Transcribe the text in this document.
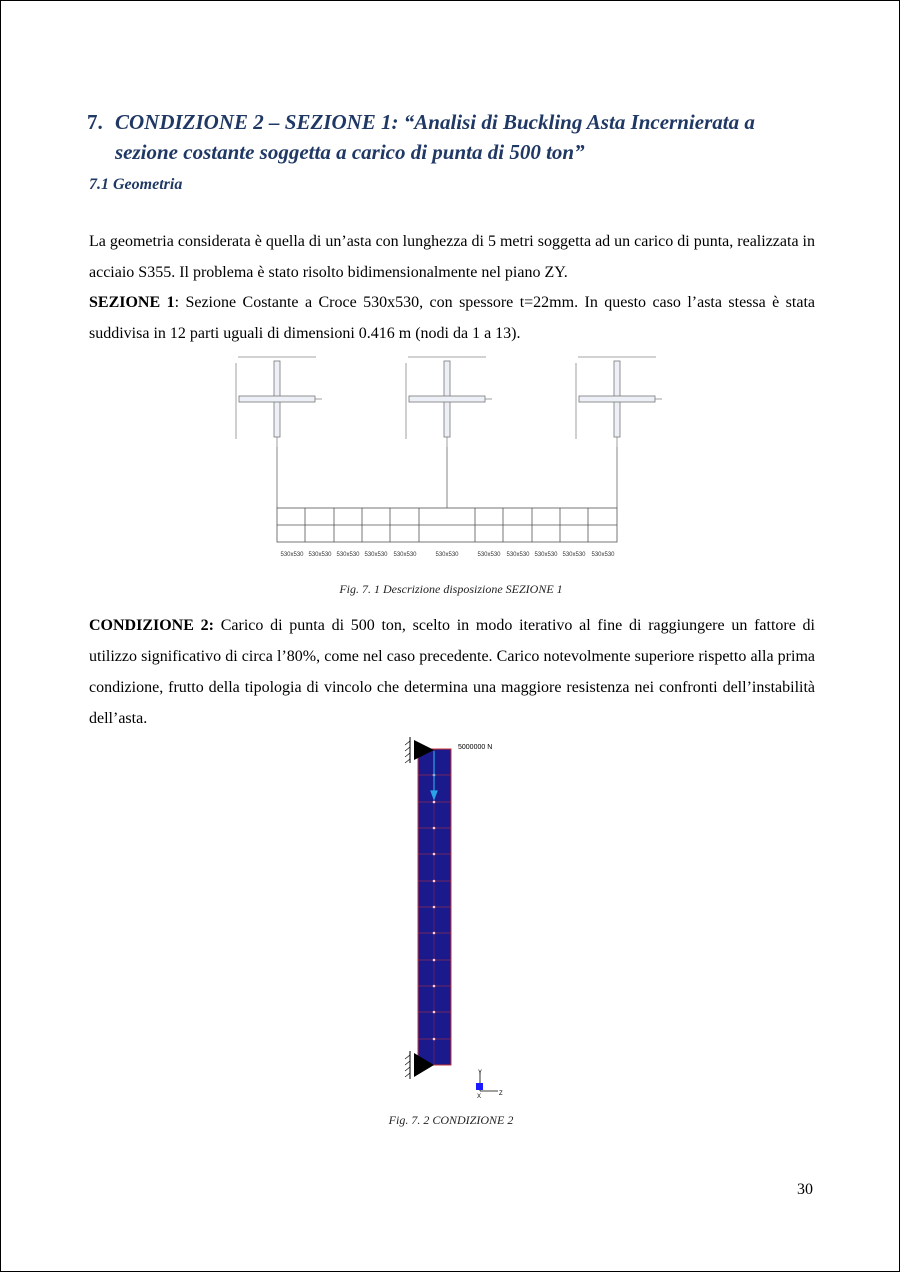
7. CONDIZIONE 2 – SEZIONE 1: “Analisi di Buckling Asta Incernierata a sezione costante soggetta a carico di punta di 500 ton”
7.1 Geometria
La geometria considerata è quella di un’asta con lunghezza di 5 metri soggetta ad un carico di punta, realizzata in acciaio S355. Il problema è stato risolto bidimensionalmente nel piano ZY.
SEZIONE 1: Sezione Costante a Croce 530x530, con spessore t=22mm. In questo caso l’asta stessa è stata suddivisa in 12 parti uguali di dimensioni 0.416 m (nodi da 1 a 13).
530x530 530x530 530x530 530x530 530x530	530x530	530x530 530x530 530x530 530x530 530x530
Fig. 7. 1 Descrizione disposizione SEZIONE 1
CONDIZIONE 2: Carico di punta di 500 ton, scelto in modo iterativo al fine di raggiungere un fattore di utilizzo significativo di circa l’80%, come nel caso precedente. Carico notevolmente superiore rispetto alla prima condizione, frutto della tipologia di vincolo che determina una maggiore resistenza nei confronti dell’instabilità dell’asta.
5000000 N
Y
X	Z
Fig. 7. 2 CONDIZIONE 2
30
